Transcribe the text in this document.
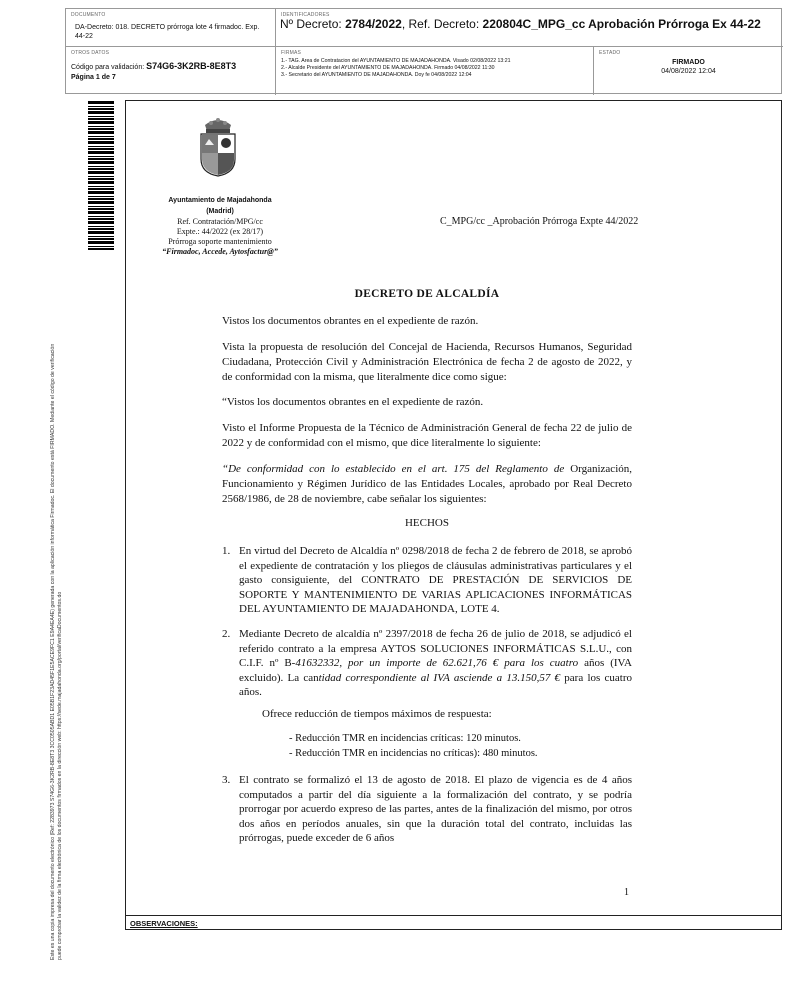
DOCUMENTO
DA-Decreto: 018. DECRETO prórroga lote 4 firmadoc. Exp. 44-22
IDENTIFICADORES
Nº Decreto: 2784/2022, Ref. Decreto: 220804C_MPG_cc Aprobación Prórroga Ex 44-22
OTROS DATOS
Código para validación: S74G6-3K2RB-8E8T3
Página 1 de 7
FIRMAS
1.- TAG. Area de Contratacion del AYUNTAMIENTO DE MAJADAHONDA. Visado 02/08/2022 13:21
2.- Alcalde Presidente del AYUNTAMIENTO DE MAJADAHONDA. Firmado 04/08/2022 11:30
3.- Secretario del AYUNTAMIENTO DE MAJADAHONDA. Doy fe 04/08/2022 12:04
ESTADO
FIRMADO
04/08/2022 12:04
Este es una copia impresa del documento electrónico (Ref: 2283973 S74G6-3K2RB-8E8T3 3CC0505ABD1 E05B1F23AD45F1E5ACE9FC1 E9A4EA4E) generada con la aplicación informática Firmadoc. El documento está FIRMADO. Mediante el código de verificación puede comprobar la validez de la firma electrónica de los documentos firmados en la dirección web: https://sede.majadahonda.org/portal/verificaDocumentos.do
Ayuntamiento de Majadahonda
(Madrid)
Ref. Contratación/MPG/cc
Expte.: 44/2022 (ex 28/17)
Prórroga soporte mantenimiento
“Firmadoc, Accede, Aytosfactur@”
C_MPG/cc _Aprobación Prórroga Expte 44/2022
DECRETO DE ALCALDÍA
Vistos los documentos obrantes en el expediente de razón.
Vista la propuesta de resolución del Concejal de Hacienda, Recursos Humanos, Seguridad Ciudadana, Protección Civil y Administración Electrónica de fecha 2 de agosto de 2022, y de conformidad con la misma, que literalmente dice como sigue:
“Vistos los documentos obrantes en el expediente de razón.
Visto el Informe Propuesta de la Técnico de Administración General de fecha 22 de julio de 2022 y de conformidad con el mismo, que dice literalmente lo siguiente:
“De conformidad con lo establecido en el art. 175 del Reglamento de Organización, Funcionamiento y Régimen Jurídico de las Entidades Locales, aprobado por Real Decreto 2568/1986, de 28 de noviembre, cabe señalar los siguientes:
HECHOS
1. En virtud del Decreto de Alcaldía nº 0298/2018 de fecha 2 de febrero de 2018, se aprobó el expediente de contratación y los pliegos de cláusulas administrativas particulares y el gasto consiguiente, del CONTRATO DE PRESTACIÓN DE SERVICIOS DE SOPORTE Y MANTENIMIENTO DE VARIAS APLICACIONES INFORMÁTICAS DEL AYUNTAMIENTO DE MAJADAHONDA, LOTE 4.
2. Mediante Decreto de alcaldía nº 2397/2018 de fecha 26 de julio de 2018, se adjudicó el referido contrato a la empresa AYTOS SOLUCIONES INFORMÁTICAS S.L.U., con C.I.F. nº B-41632332, por un importe de 62.621,76 € para los cuatro años (IVA excluido). La cantidad correspondiente al IVA asciende a 13.150,57 € para los cuatro años.
Ofrece reducción de tiempos máximos de respuesta:
- Reducción TMR en incidencias críticas: 120 minutos.
- Reducción TMR en incidencias no críticas): 480 minutos.
3. El contrato se formalizó el 13 de agosto de 2018. El plazo de vigencia es de 4 años computados a partir del día siguiente a la formalización del contrato, y se podría prorrogar por acuerdo expreso de las partes, antes de la finalización del mismo, por otros dos años en períodos anuales, sin que la duración total del contrato, incluidas las prórrogas, puede exceder de 6 años
1
OBSERVACIONES:
